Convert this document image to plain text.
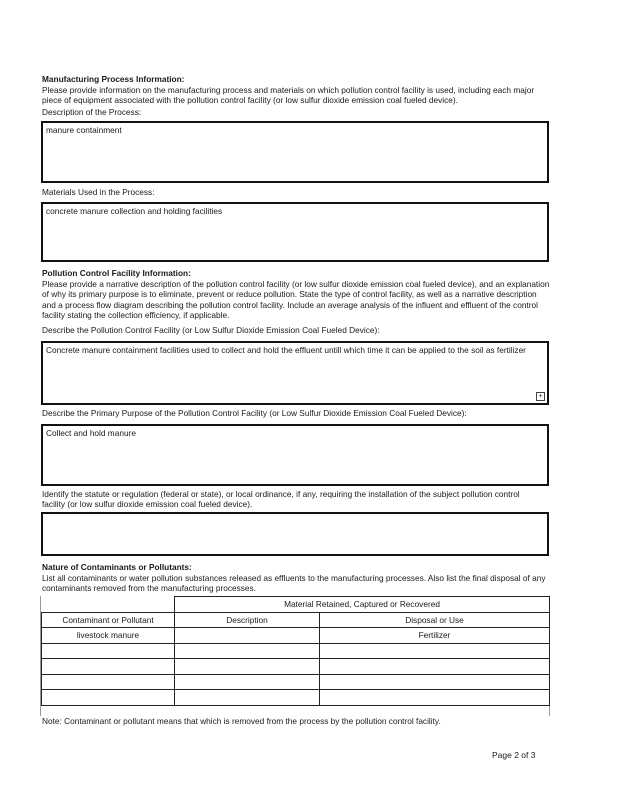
Manufacturing Process Information:
Please provide information on the manufacturing process and materials on which pollution control facility is used, including each major piece of equipment associated with the pollution control facility (or low sulfur dioxide emission coal fueled device).
Description of the Process:
manure containment
Materials Used in the Process:
concrete manure collection and holding facilities
Pollution Control Facility Information:
Please provide a narrative description of the pollution control facility (or low sulfur dioxide emission coal fueled device), and an explanation of why its primary purpose is to eliminate, prevent or reduce pollution. State the type of control facility, as well as a narrative description and a process flow diagram describing the pollution control facility. Include an average analysis of the influent and effluent of the control facility stating the collection efficiency, if applicable.
Describe the Pollution Control Facility (or Low Sulfur Dioxide Emission Coal Fueled Device):
Concrete manure containment facilities used to collect and hold the effluent untill which time it can be applied to the soil as fertilizer
+
Describe the Primary Purpose of the Pollution Control Facility (or Low Sulfur Dioxide Emission Coal Fueled Device):
Collect and hold manure
Identify the statute or regulation (federal or state), or local ordinance, if any, requiring the installation of the subject pollution control facility (or low sulfur dioxide emission coal fueled device).
Nature of Contaminants or Pollutants:
List all contaminants or water pollution substances released as effluents to the manufacturing processes. Also list the final disposal of any contaminants removed from the manufacturing processes.
	Material Retained, Captured or Recovered	
Contaminant or Pollutant	Description	Disposal or Use
livestock manure		Fertilizer

Note: Contaminant or pollutant means that which is removed from the process by the pollution control facility.
Page 2 of 3
